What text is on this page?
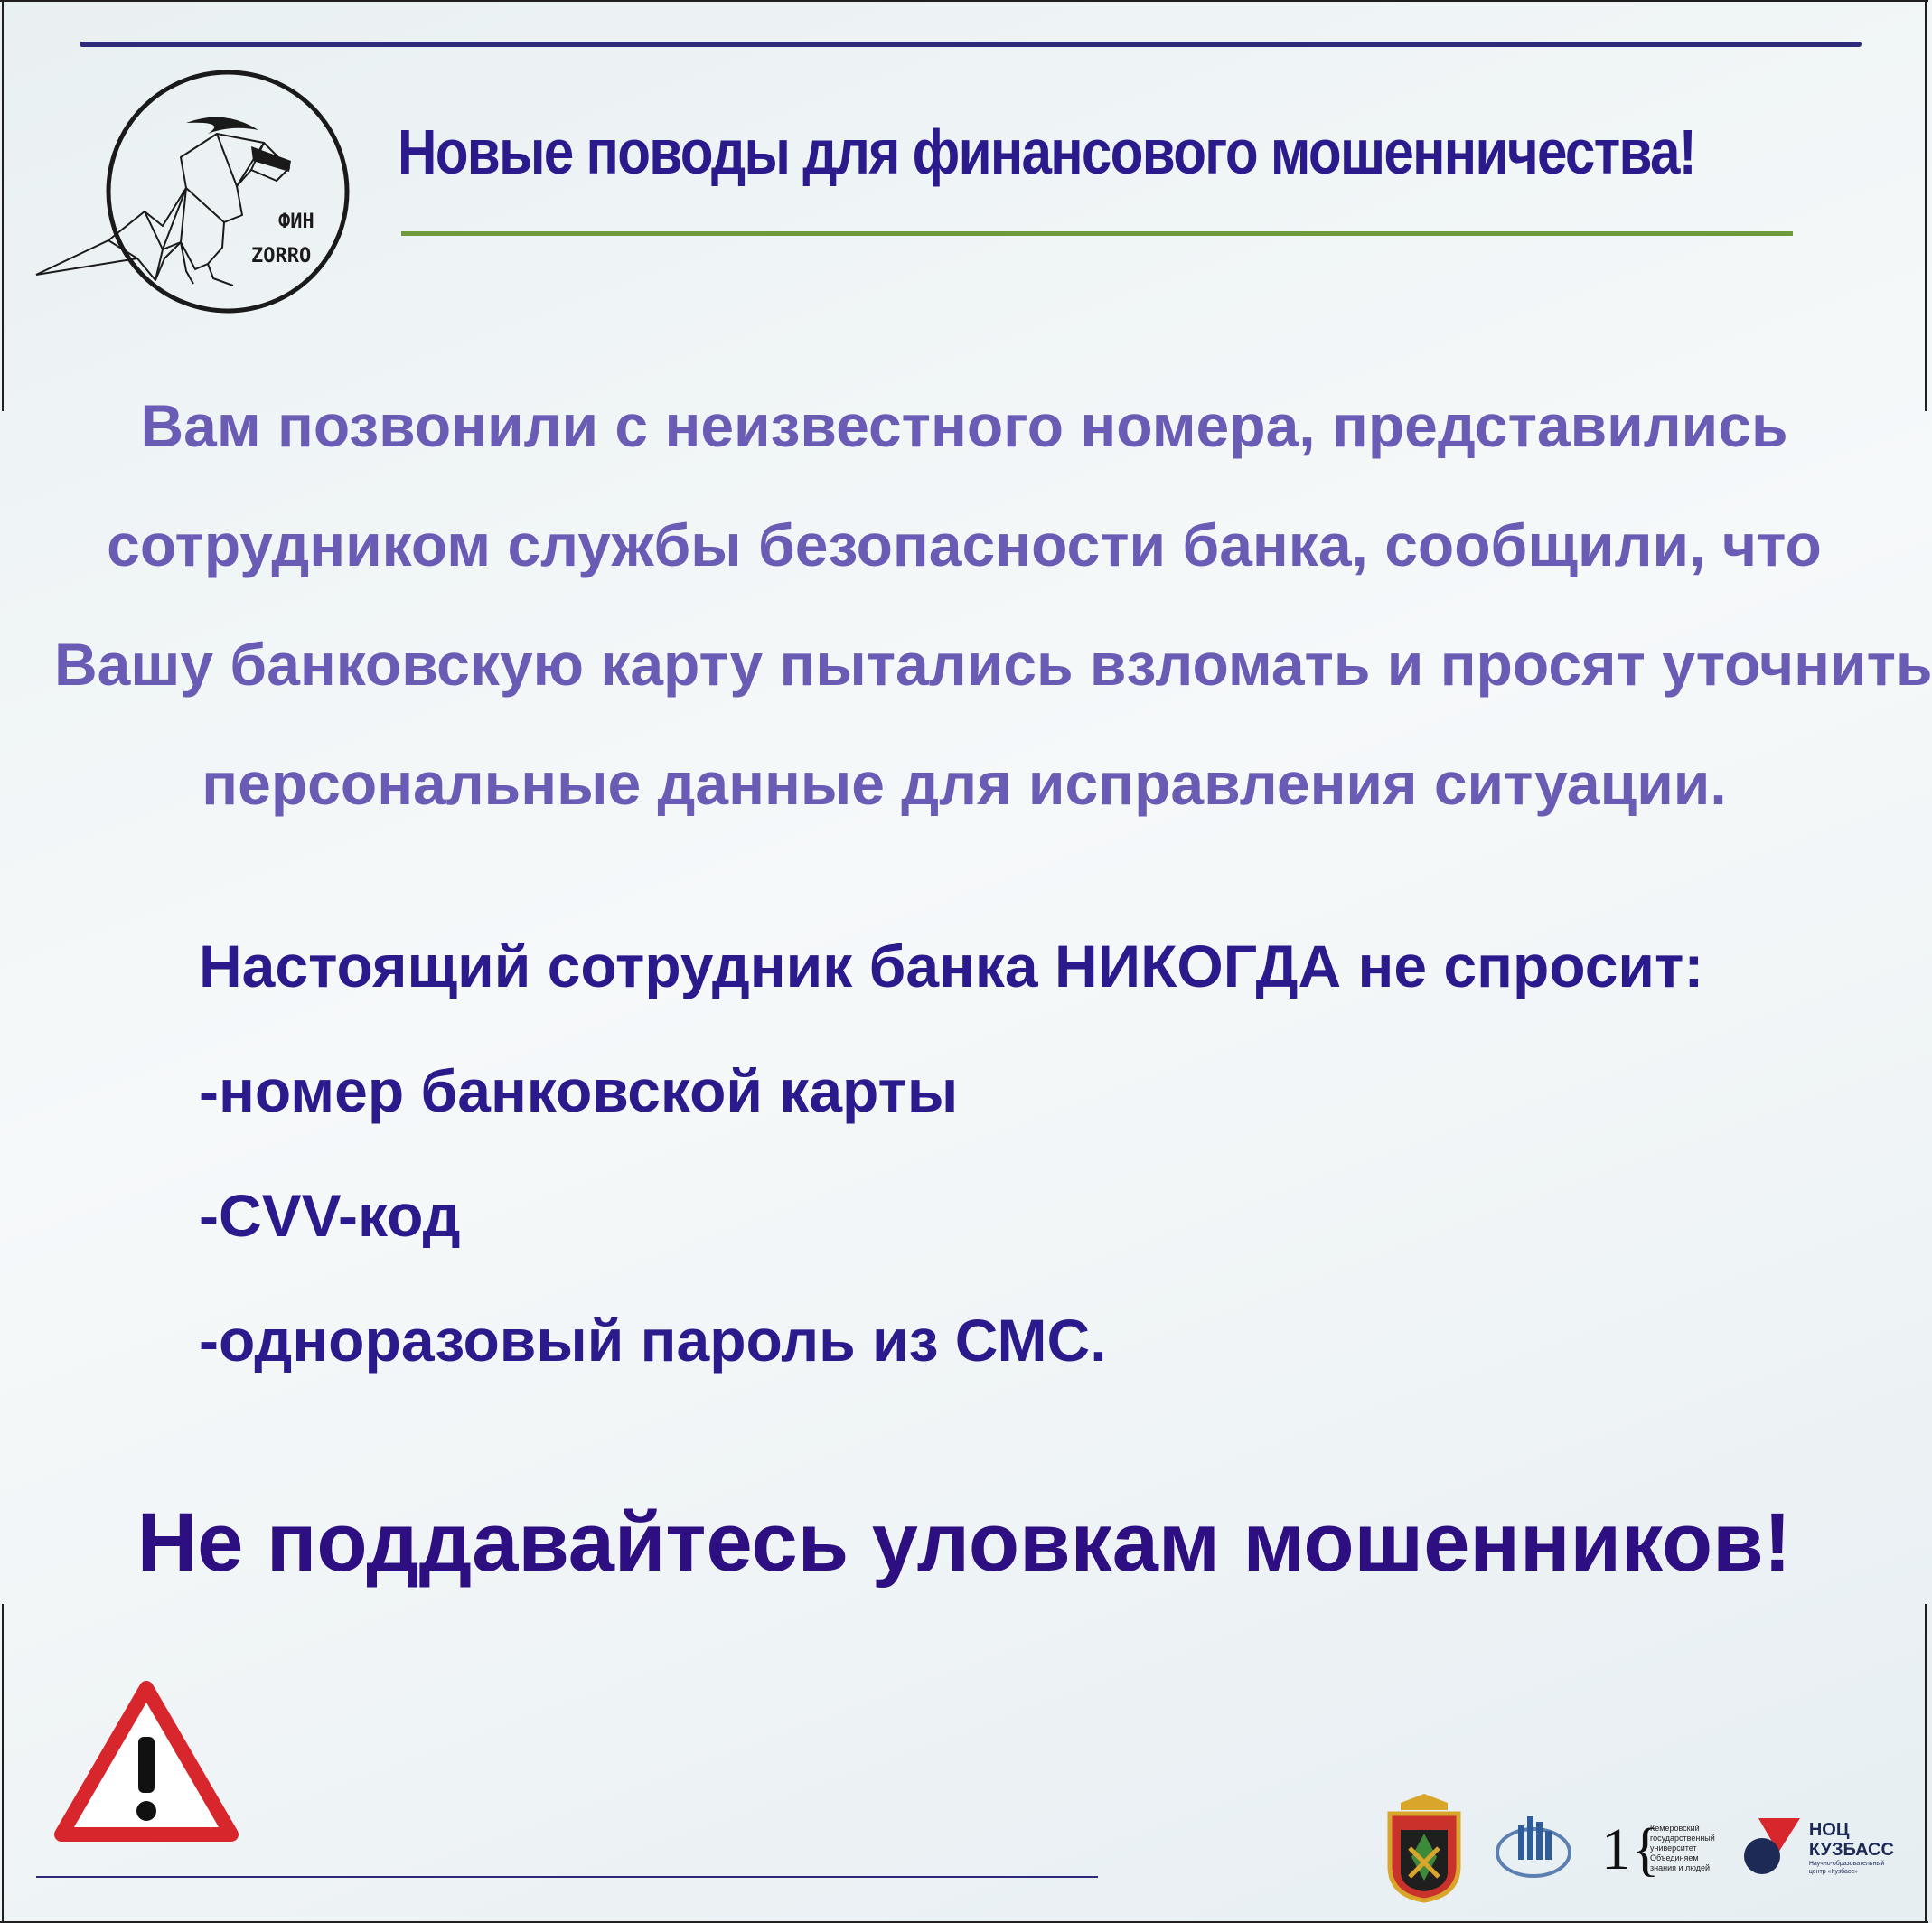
ФИН
ZORRO
Новые поводы для финансового мошенничества!
Вам позвонили с неизвестного номера, представились
сотрудником службы безопасности банка, сообщили, что
Вашу банковскую карту пытались взломать и просят уточнить
персональные данные для исправления ситуации.
Настоящий сотрудник банка НИКОГДА не спросит:
-номер банковской карты
-CVV-код
-одноразовый пароль из СМС.
Не поддавайтесь уловкам мошенников!
1{
Кемеровский
государственный
университет
Объединяем
знания и людей
НОЦ
КУЗБАСС
Научно-образовательный
центр «Кузбасс»
